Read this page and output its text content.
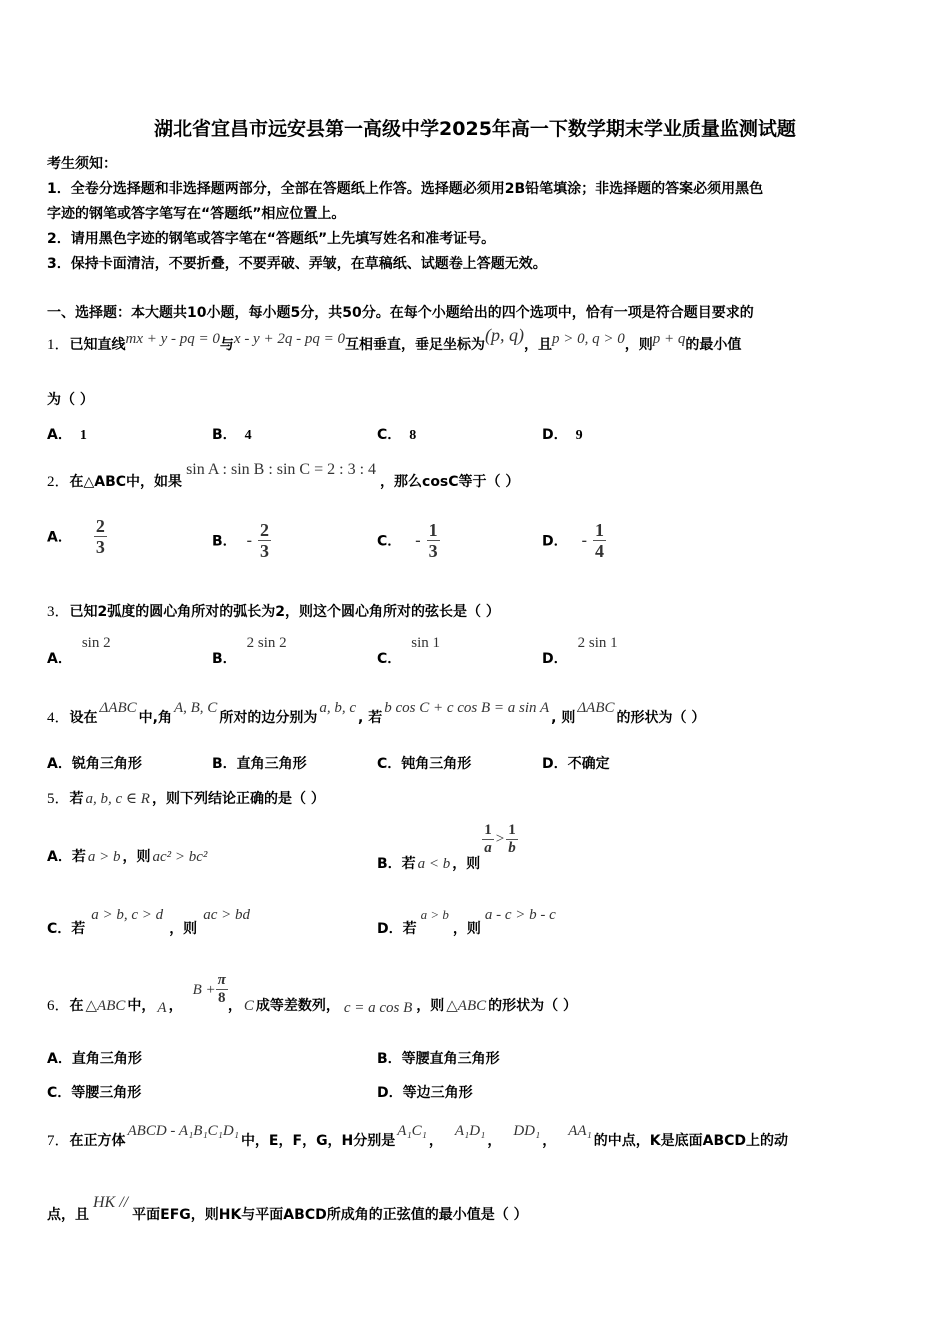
湖北省宜昌市远安县第一高级中学2025年高一下数学期末学业质量监测试题
考生须知：
1．全卷分选择题和非选择题两部分，全部在答题纸上作答。选择题必须用2B铅笔填涂；非选择题的答案必须用黑色
字迹的钢笔或答字笔写在“答题纸”相应位置上。
2．请用黑色字迹的钢笔或答字笔在“答题纸”上先填写姓名和准考证号。
3．保持卡面清洁，不要折叠，不要弄破、弄皱，在草稿纸、试题卷上答题无效。
一、选择题：本大题共10小题，每小题5分，共50分。在每个小题给出的四个选项中，恰有一项是符合题目要求的
1．已知直线mx + y - pq = 0与x - y + 2q - pq = 0互相垂直，垂足坐标为(p, q)，且p > 0, q > 0，则p + q的最小值
为（ ）
A． 1	B． 4	C． 8	D． 9
2．在△ABC中，如果sin A : sin B : sin C = 2 : 3 : 4，那么cosC等于（ ）
A． $\frac{2}{3}$	B． - $\frac{2}{3}$	C． - $\frac{1}{3}$	D． - $\frac{1}{4}$
3．已知2弧度的圆心角所对的弧长为2，则这个圆心角所对的弦长是（ ）
A．sin 2
B．2 sin 2
C．sin 1
D．2 sin 1
4．设在ΔABC中,角A, B, C所对的边分别为a, b, c, 若b cos C + c cos B = a sin A, 则ΔABC的形状为（ ）
A．锐角三角形	B．直角三角形	C．钝角三角形	D．不确定
5．若 a, b, c ∈ R ，则下列结论正确的是（ ）
A．若 a > b ，则 ac² > bc²	B．若 a < b ，则
$\frac{1}{a} > \frac{1}{b}$
C．若a > b, c > d，则ac > bd
D．若a > b，则a - c > b - c
6．在 △ABC 中， A ，$B + \frac{\pi}{8}$ ， C 成等差数列， c = a cos B ，则 △ABC 的形状为（ ）
A．直角三角形	B．等腰直角三角形
C．等腰三角形	D．等边三角形
7．在正方体ABCD - A₁B₁C₁D₁中，E，F，G，H分别是A₁C₁，A₁D₁，DD₁，AA₁的中点，K是底面ABCD上的动
点，且HK //平面EFG，则HK与平面ABCD所成角的正弦值的最小值是（ ）
